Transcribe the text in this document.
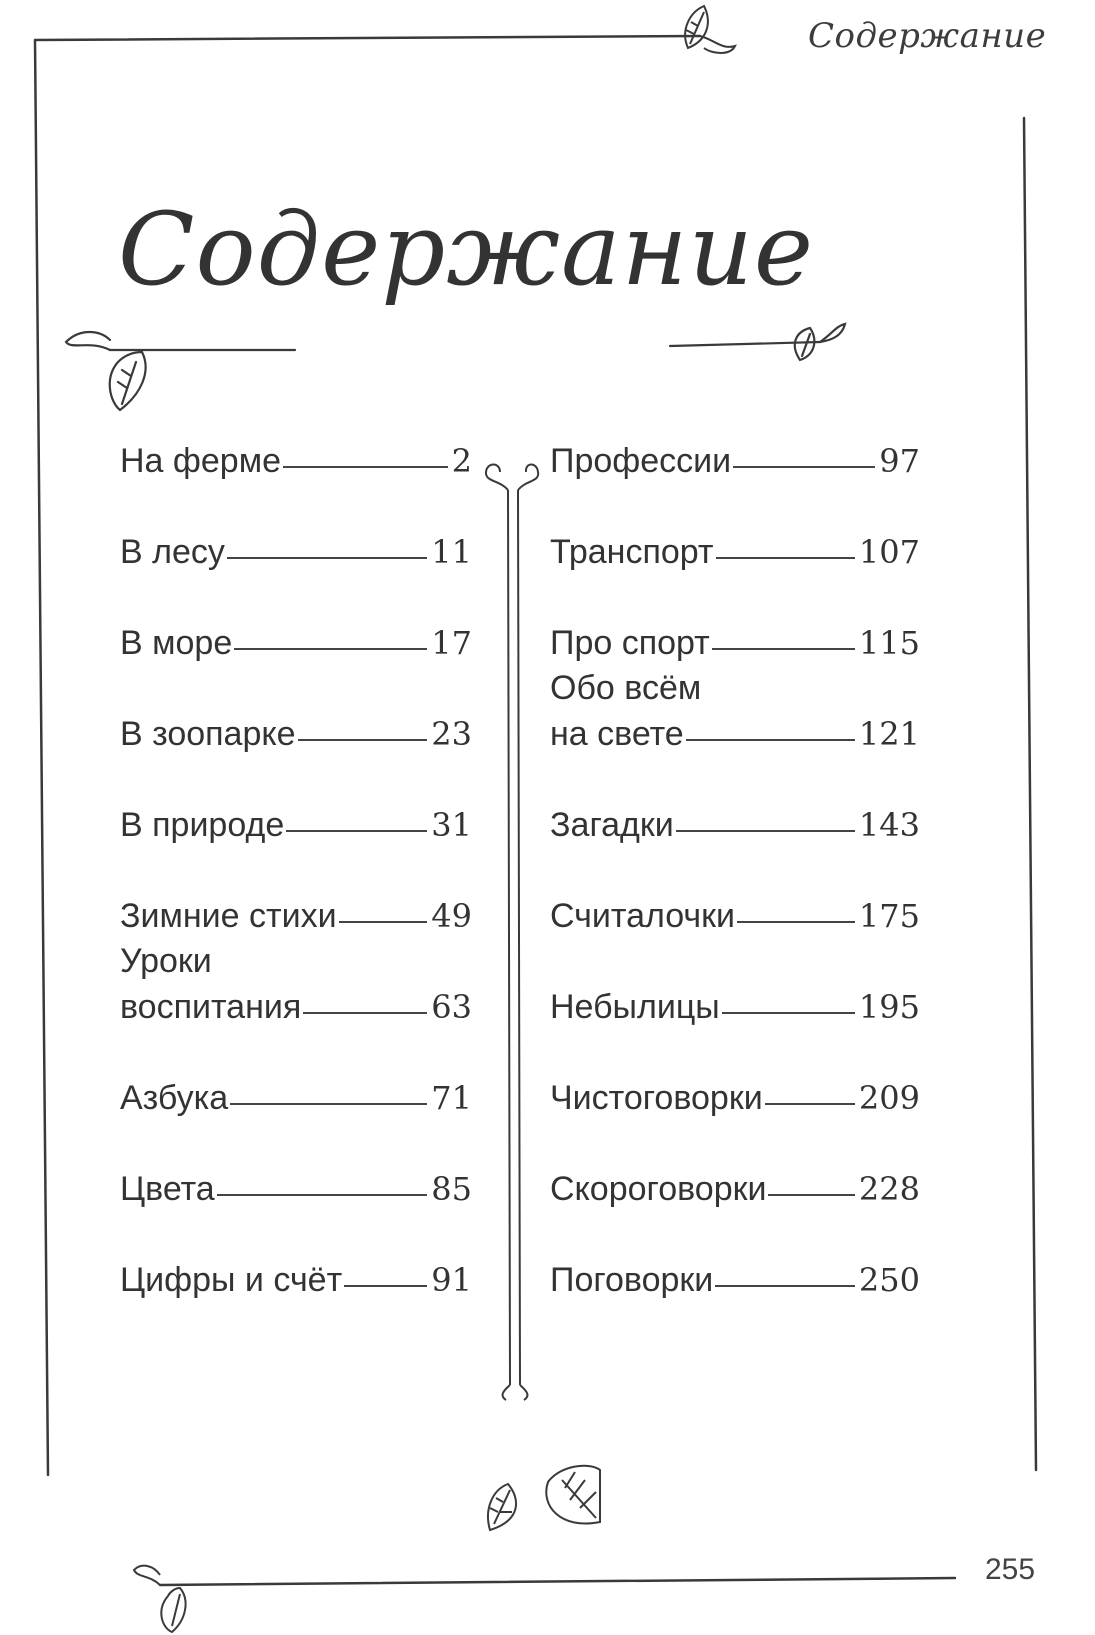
Содержание
Содержание
На ферме	2
В лесу	11
В море	17
В зоопарке	23
В природе	31
Зимние стихи	49
Уроки
воспитания	63
Азбука	71
Цвета	85
Цифры и счёт	91
Профессии	97
Транспорт	107
Про спорт	115
Обо всём
на свете	121
Загадки	143
Считалочки	175
Небылицы	195
Чистоговорки	209
Скороговорки	228
Поговорки	250
255
